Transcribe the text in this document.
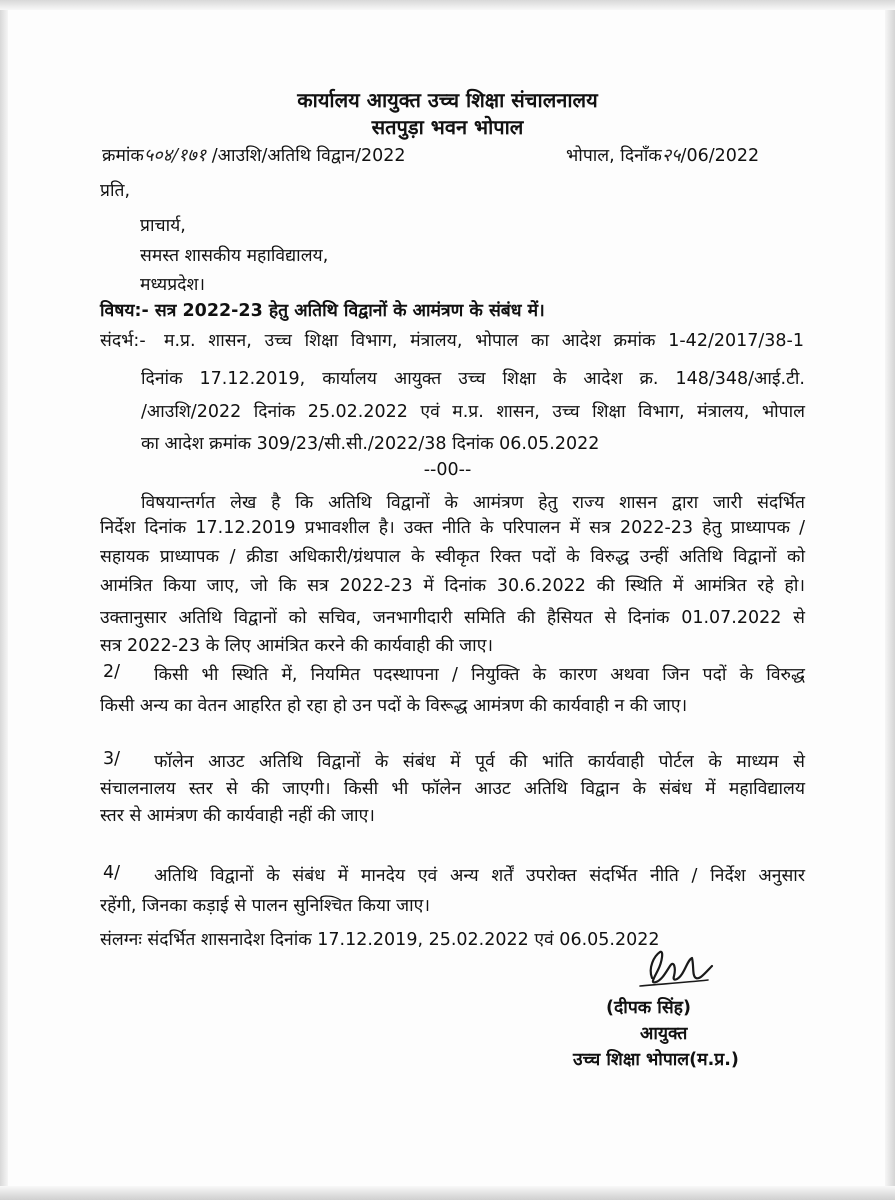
कार्यालय आयुक्त उच्च शिक्षा संचालनालय
सतपुड़ा भवन भोपाल
क्रमांक५०४/१७१ /आउशि/अतिथि विद्वान/2022	भोपाल, दिनाँक२५/06/2022
प्रति,
प्राचार्य,
समस्त शासकीय महाविद्यालय,
मध्यप्रदेश।
विषय:- सत्र 2022-23 हेतु अतिथि विद्वानों के आमंत्रण के संबंध में।
संदर्भ:- म.प्र. शासन, उच्च शिक्षा विभाग, मंत्रालय, भोपाल का आदेश क्रमांक 1-42/2017/38-1
दिनांक 17.12.2019, कार्यालय आयुक्त उच्च शिक्षा के आदेश क्र. 148/348/आई.टी.
/आउशि/2022 दिनांक 25.02.2022 एवं म.प्र. शासन, उच्च शिक्षा विभाग, मंत्रालय, भोपाल
का आदेश क्रमांक 309/23/सी.सी./2022/38 दिनांक 06.05.2022
--00--
विषयान्तर्गत लेख है कि अतिथि विद्वानों के आमंत्रण हेतु राज्य शासन द्वारा जारी संदर्भित
निर्देश दिनांक 17.12.2019 प्रभावशील है। उक्त नीति के परिपालन में सत्र 2022-23 हेतु प्राध्यापक /
सहायक प्राध्यापक / क्रीडा अधिकारी/ग्रंथपाल के स्वीकृत रिक्त पदों के विरुद्ध उन्हीं अतिथि विद्वानों को
आमंत्रित किया जाए, जो कि सत्र 2022-23 में दिनांक 30.6.2022 की स्थिति में आमंत्रित रहे हो।
उक्तानुसार अतिथि विद्वानों को सचिव, जनभागीदारी समिति की हैसियत से दिनांक 01.07.2022 से
सत्र 2022-23 के लिए आमंत्रित करने की कार्यवाही की जाए।
2/ किसी भी स्थिति में, नियमित पदस्थापना / नियुक्ति के कारण अथवा जिन पदों के विरुद्ध
किसी अन्य का वेतन आहरित हो रहा हो उन पदों के विरूद्ध आमंत्रण की कार्यवाही न की जाए।
3/ फॉलेन आउट अतिथि विद्वानों के संबंध में पूर्व की भांति कार्यवाही पोर्टल के माध्यम से
संचालनालय स्तर से की जाएगी। किसी भी फॉलेन आउट अतिथि विद्वान के संबंध में महाविद्यालय
स्तर से आमंत्रण की कार्यवाही नहीं की जाए।
4/ अतिथि विद्वानों के संबंध में मानदेय एवं अन्य शर्तें उपरोक्त संदर्भित नीति / निर्देश अनुसार
रहेंगी, जिनका कड़ाई से पालन सुनिश्चित किया जाए।
संलग्नः संदर्भित शासनादेश दिनांक 17.12.2019, 25.02.2022 एवं 06.05.2022
(दीपक सिंह)
आयुक्त
उच्च शिक्षा भोपाल(म.प्र.)
